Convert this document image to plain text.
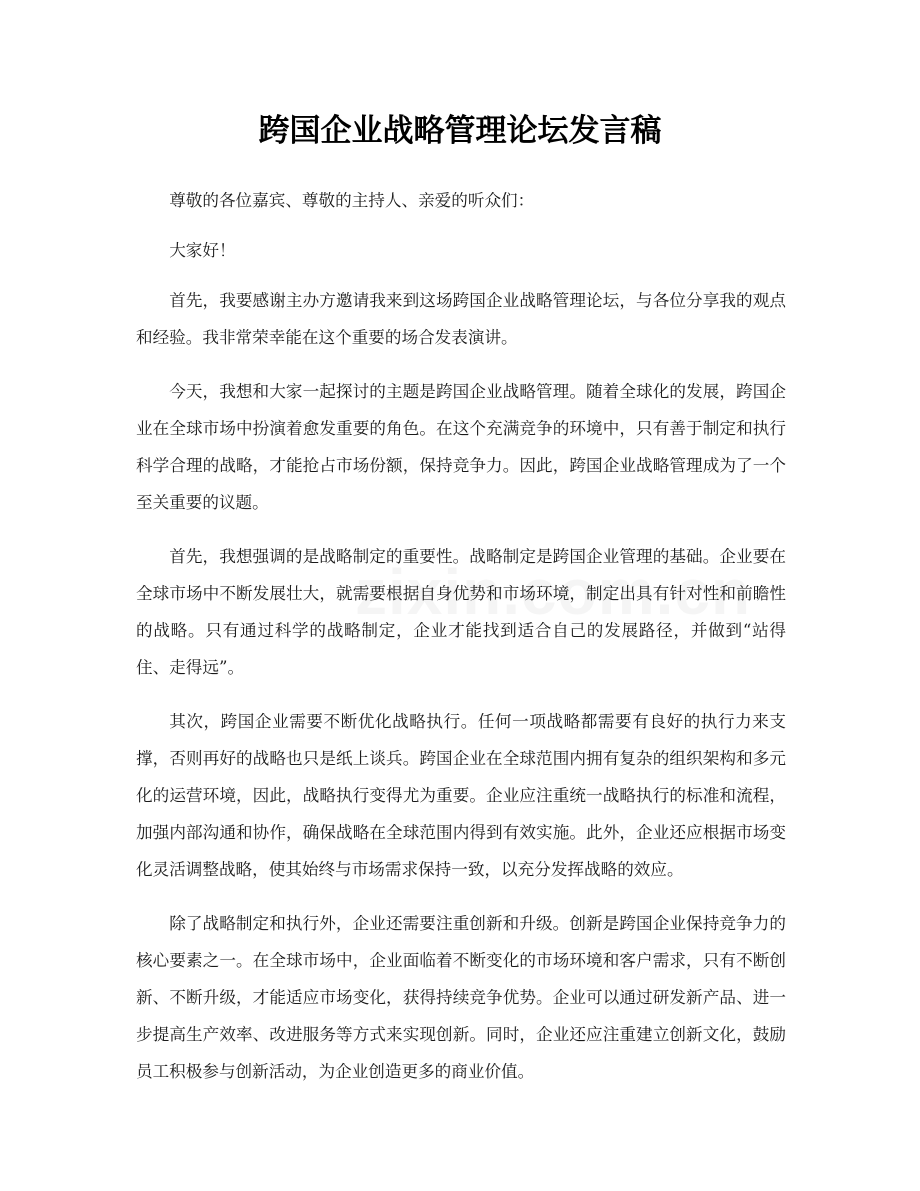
跨国企业战略管理论坛发言稿

尊敬的各位嘉宾、尊敬的主持人、亲爱的听众们：

大家好！

首先，我要感谢主办方邀请我来到这场跨国企业战略管理论坛，与各位分享我的观点和经验。我非常荣幸能在这个重要的场合发表演讲。

今天，我想和大家一起探讨的主题是跨国企业战略管理。随着全球化的发展，跨国企业在全球市场中扮演着愈发重要的角色。在这个充满竞争的环境中，只有善于制定和执行科学合理的战略，才能抢占市场份额，保持竞争力。因此，跨国企业战略管理成为了一个至关重要的议题。

首先，我想强调的是战略制定的重要性。战略制定是跨国企业管理的基础。企业要在全球市场中不断发展壮大，就需要根据自身优势和市场环境，制定出具有针对性和前瞻性的战略。只有通过科学的战略制定，企业才能找到适合自己的发展路径，并做到“站得住、走得远”。

其次，跨国企业需要不断优化战略执行。任何一项战略都需要有良好的执行力来支撑，否则再好的战略也只是纸上谈兵。跨国企业在全球范围内拥有复杂的组织架构和多元化的运营环境，因此，战略执行变得尤为重要。企业应注重统一战略执行的标准和流程，加强内部沟通和协作，确保战略在全球范围内得到有效实施。此外，企业还应根据市场变化灵活调整战略，使其始终与市场需求保持一致，以充分发挥战略的效应。

除了战略制定和执行外，企业还需要注重创新和升级。创新是跨国企业保持竞争力的核心要素之一。在全球市场中，企业面临着不断变化的市场环境和客户需求，只有不断创新、不断升级，才能适应市场变化，获得持续竞争优势。企业可以通过研发新产品、进一步提高生产效率、改进服务等方式来实现创新。同时，企业还应注重建立创新文化，鼓励员工积极参与创新活动，为企业创造更多的商业价值。
